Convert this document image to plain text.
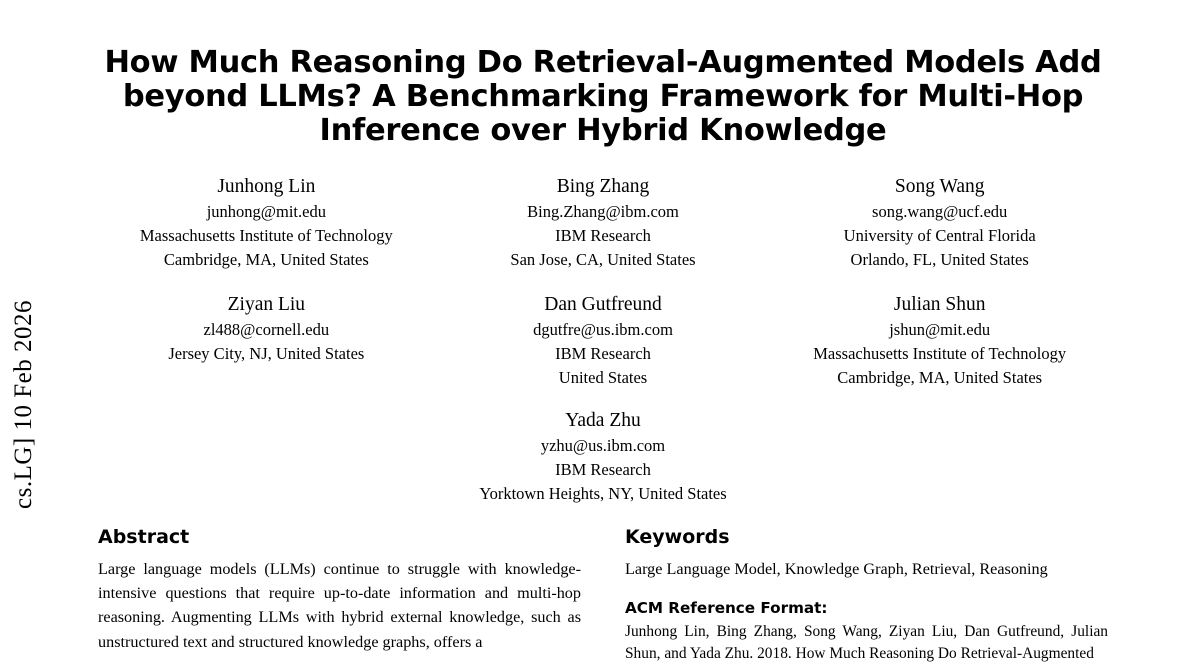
cs.LG] 10 Feb 2026
How Much Reasoning Do Retrieval-Augmented Models Add
beyond LLMs? A Benchmarking Framework for Multi-Hop
Inference over Hybrid Knowledge
Junhong Lin
junhong@mit.edu
Massachusetts Institute of Technology
Cambridge, MA, United States
Bing Zhang
Bing.Zhang@ibm.com
IBM Research
San Jose, CA, United States
Song Wang
song.wang@ucf.edu
University of Central Florida
Orlando, FL, United States
Ziyan Liu
zl488@cornell.edu
Jersey City, NJ, United States
Dan Gutfreund
dgutfre@us.ibm.com
IBM Research
United States
Julian Shun
jshun@mit.edu
Massachusetts Institute of Technology
Cambridge, MA, United States
Yada Zhu
yzhu@us.ibm.com
IBM Research
Yorktown Heights, NY, United States
Abstract
Large language models (LLMs) continue to struggle with knowledge-intensive questions that require up-to-date information and multi-hop reasoning. Augmenting LLMs with hybrid external knowledge, such as unstructured text and structured knowledge graphs, offers a
Keywords
Large Language Model, Knowledge Graph, Retrieval, Reasoning
ACM Reference Format:
Junhong Lin, Bing Zhang, Song Wang, Ziyan Liu, Dan Gutfreund, Julian Shun, and Yada Zhu. 2018. How Much Reasoning Do Retrieval-Augmented
